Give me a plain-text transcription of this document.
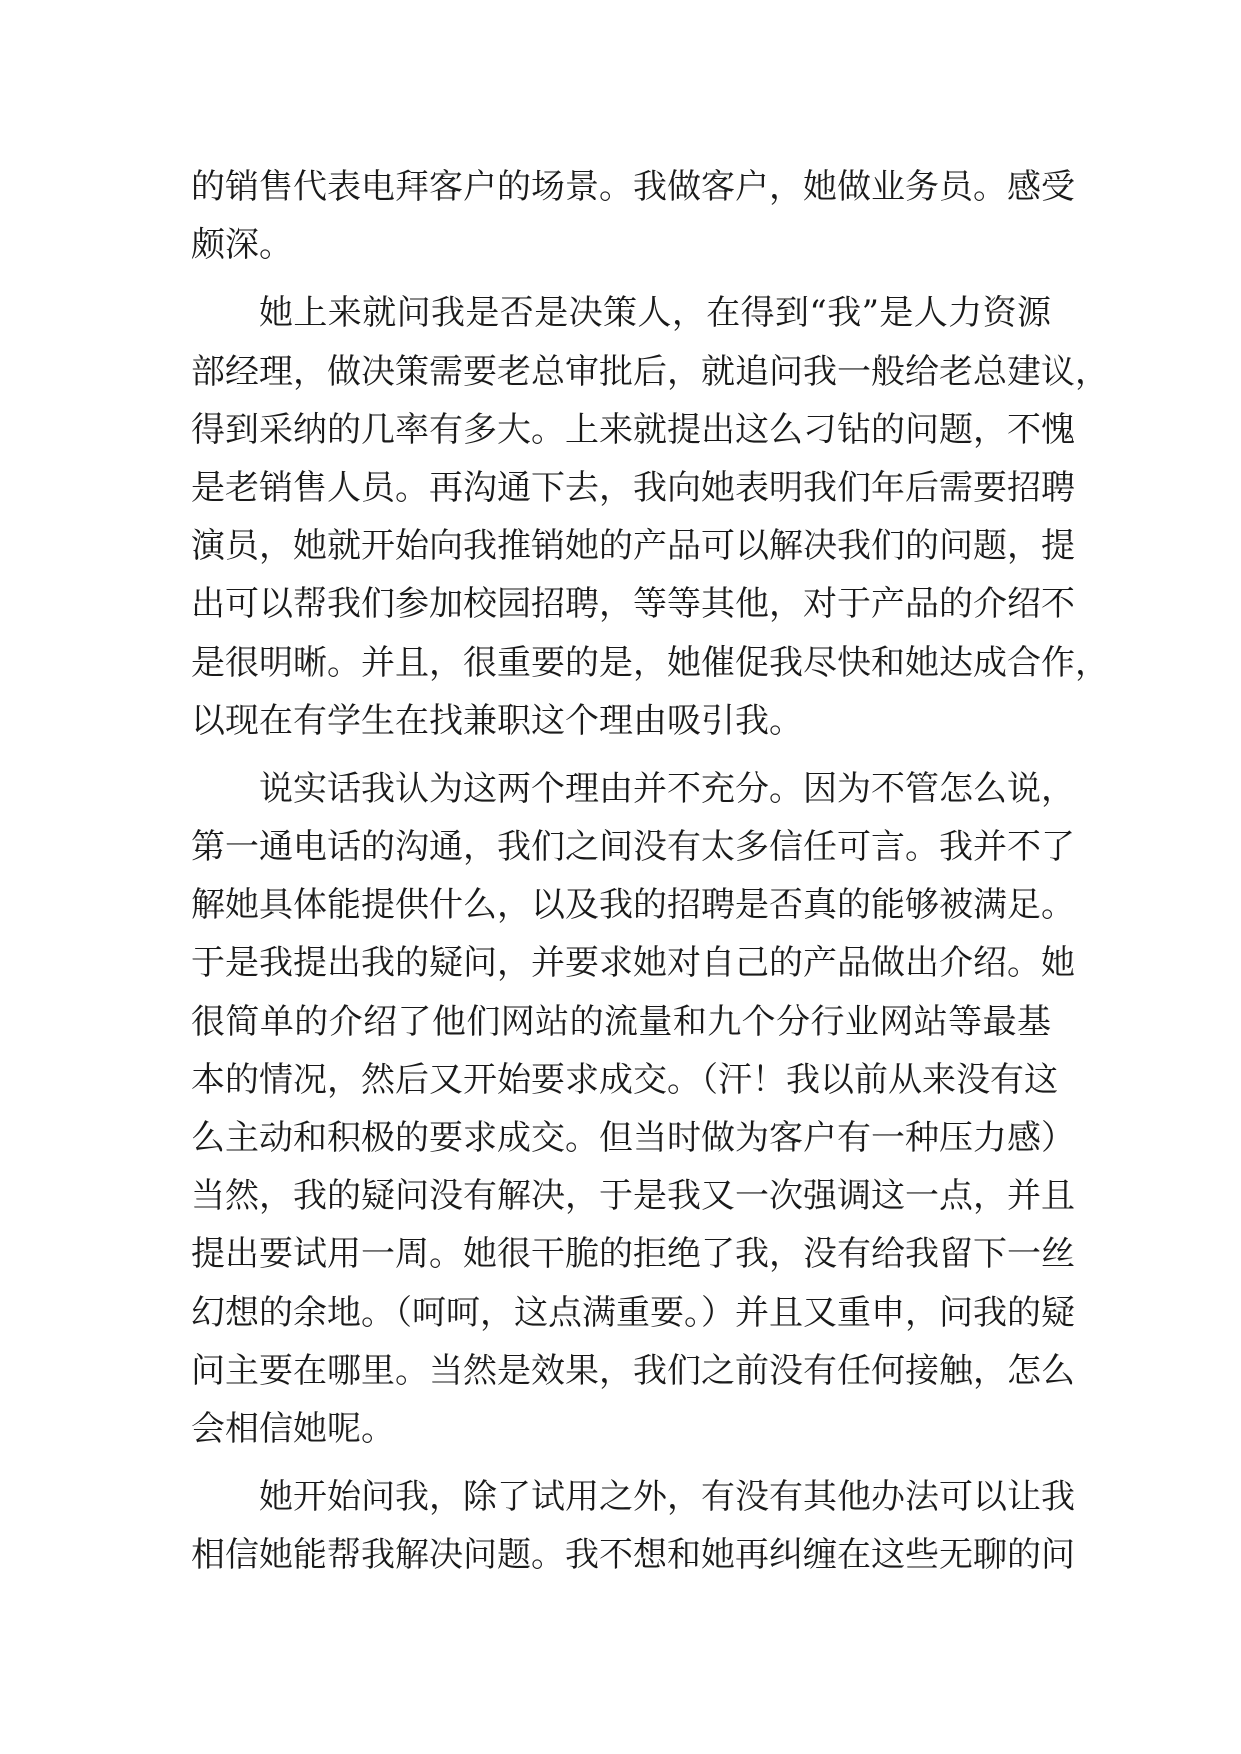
的销售代表电拜客户的场景。我做客户，她做业务员。感受
颇深。
她上来就问我是否是决策人，在得到“我”是人力资源
部经理，做决策需要老总审批后，就追问我一般给老总建议，
得到采纳的几率有多大。上来就提出这么刁钻的问题，不愧
是老销售人员。再沟通下去，我向她表明我们年后需要招聘
演员，她就开始向我推销她的产品可以解决我们的问题，提
出可以帮我们参加校园招聘，等等其他，对于产品的介绍不
是很明晰。并且，很重要的是，她催促我尽快和她达成合作，
以现在有学生在找兼职这个理由吸引我。
说实话我认为这两个理由并不充分。因为不管怎么说，
第一通电话的沟通，我们之间没有太多信任可言。我并不了
解她具体能提供什么，以及我的招聘是否真的能够被满足。
于是我提出我的疑问，并要求她对自己的产品做出介绍。她
很简单的介绍了他们网站的流量和九个分行业网站等最基
本的情况，然后又开始要求成交。（汗！我以前从来没有这
么主动和积极的要求成交。但当时做为客户有一种压力感）
当然，我的疑问没有解决，于是我又一次强调这一点，并且
提出要试用一周。她很干脆的拒绝了我，没有给我留下一丝
幻想的余地。（呵呵，这点满重要。）并且又重申，问我的疑
问主要在哪里。当然是效果，我们之前没有任何接触，怎么
会相信她呢。
她开始问我，除了试用之外，有没有其他办法可以让我
相信她能帮我解决问题。我不想和她再纠缠在这些无聊的问
